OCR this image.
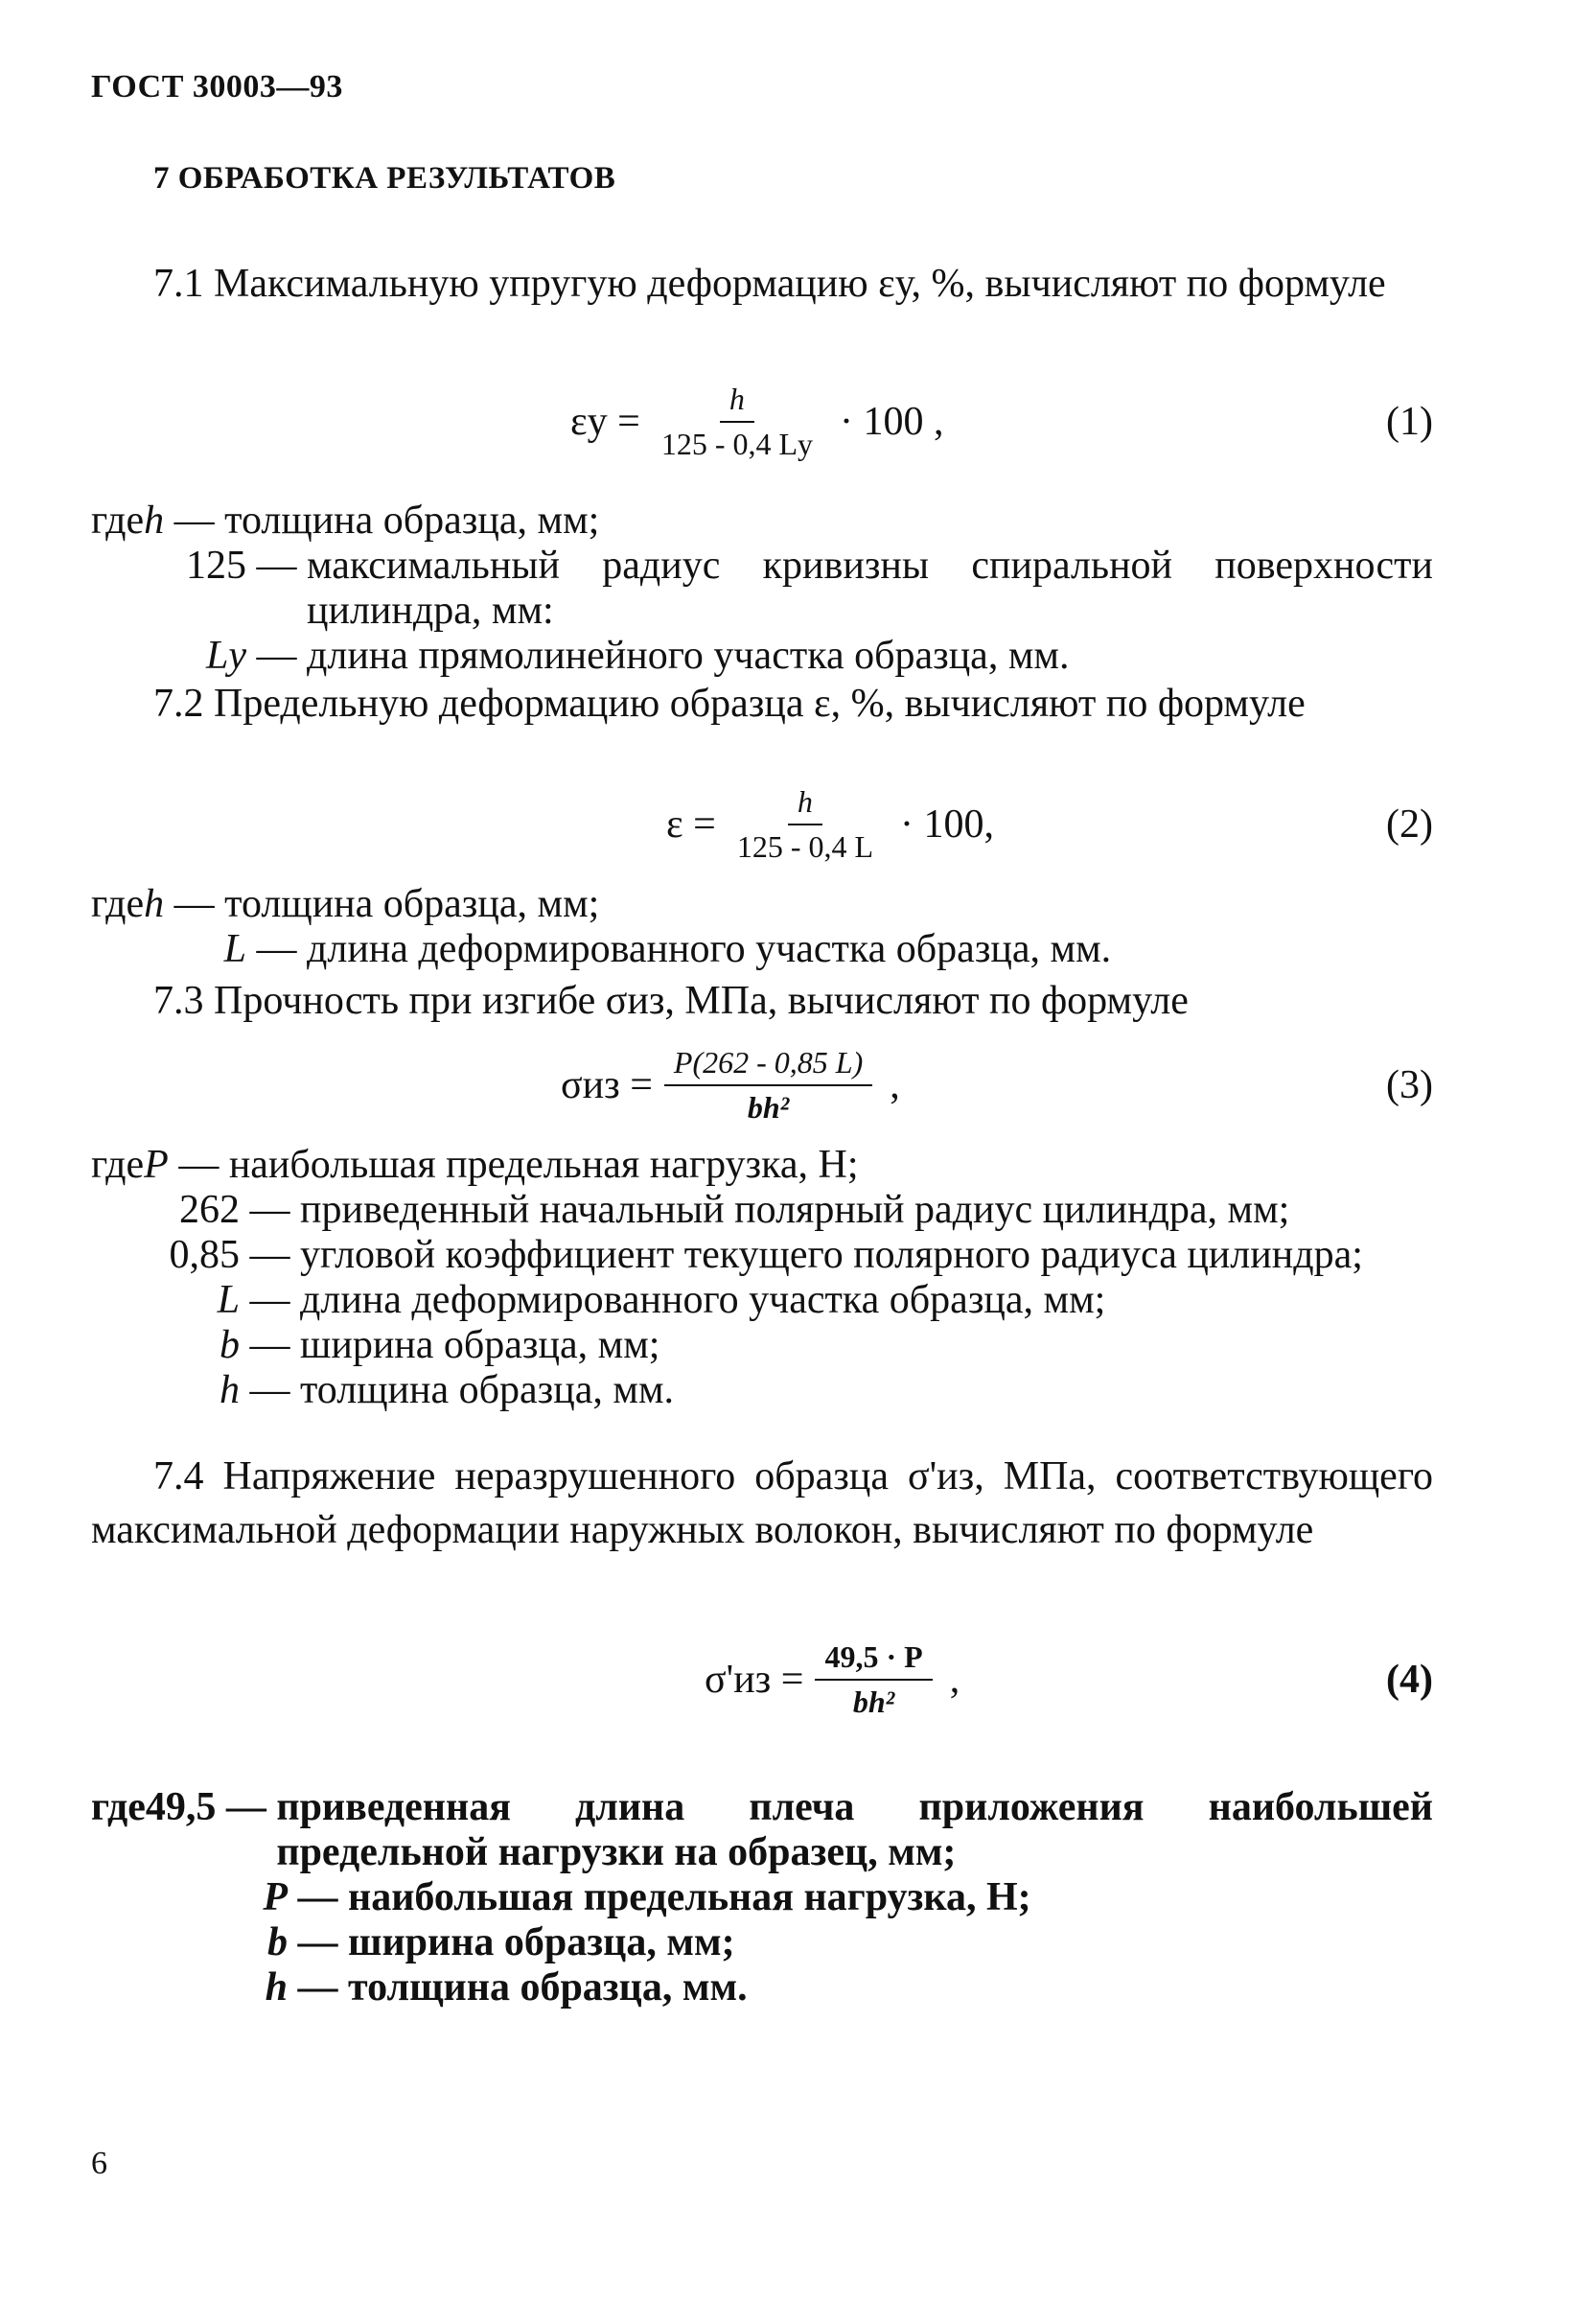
ГОСТ 30003—93
7 ОБРАБОТКА РЕЗУЛЬТАТОВ
7.1 Максимальную упругую деформацию εу, %, вычисляют по формуле
$\varepsilon у = \frac{h}{125 - 0,4 Lу} \cdot 100$ ,	(1)
где h — толщина образца, мм;
125 — максимальный радиус кривизны спиральной поверхности цилиндра, мм:
Lу — длина прямолинейного участка образца, мм.
7.2 Предельную деформацию образца ε, %, вычисляют по формуле
$\varepsilon = \frac{h}{125 - 0,4 L} \cdot 100$,	(2)
где h — толщина образца, мм;
L — длина деформированного участка образца, мм.
7.3 Прочность при изгибе σиз, МПа, вычисляют по формуле
$\sigma из = \frac{P(262 - 0,85 L)}{\text{bh²}}$ ,	(3)
где P — наибольшая предельная нагрузка, Н;
262 — приведенный начальный полярный радиус цилиндра, мм;
0,85 — угловой коэффициент текущего полярного радиуса цилиндра;
L — длина деформированного участка образца, мм;
b — ширина образца, мм;
h — толщина образца, мм.
7.4 Напряжение неразрушенного образца σ'из, МПа, соответствующего максимальной деформации наружных волокон, вычисляют по формуле
$\sigma'из = \frac{49,5 \cdot P}{\text{bh²}}$ ,	(4)
где 49,5 — приведенная длина плеча приложения наибольшей предельной нагрузки на образец, мм;
P — наибольшая предельная нагрузка, Н;
b — ширина образца, мм;
h — толщина образца, мм.
6
